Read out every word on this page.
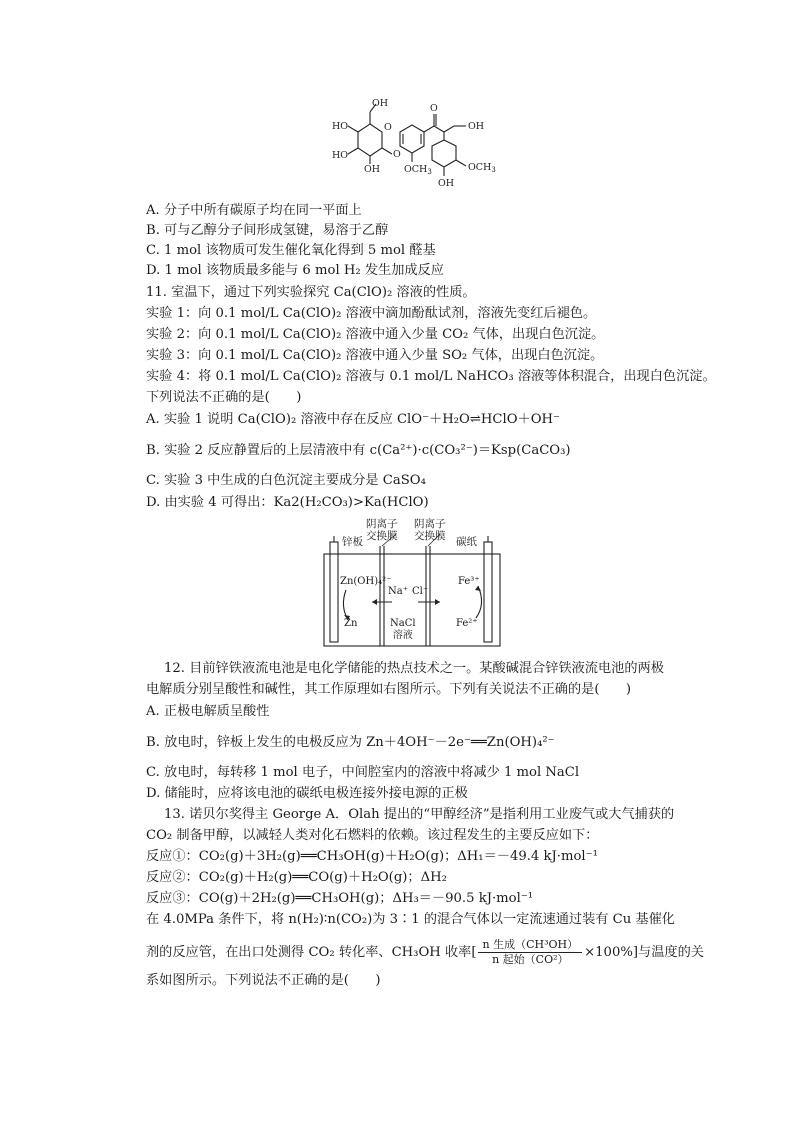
OH
O
HO
HO
OH
O
$OCH_3$
O
OH
$OCH_3$
OH
A. 分子中所有碳原子均在同一平面上
B. 可与乙醇分子间形成氢键，易溶于乙醇
C. 1 mol 该物质可发生催化氧化得到 5 mol 醛基
D. 1 mol 该物质最多能与 6 mol H₂ 发生加成反应
11. 室温下，通过下列实验探究 Ca(ClO)₂ 溶液的性质。
实验 1：向 0.1 mol/L Ca(ClO)₂ 溶液中滴加酚酞试剂，溶液先变红后褪色。
实验 2：向 0.1 mol/L Ca(ClO)₂ 溶液中通入少量 CO₂ 气体，出现白色沉淀。
实验 3：向 0.1 mol/L Ca(ClO)₂ 溶液中通入少量 SO₂ 气体，出现白色沉淀。
实验 4：将 0.1 mol/L Ca(ClO)₂ 溶液与 0.1 mol/L NaHCO₃ 溶液等体积混合，出现白色沉淀。
下列说法不正确的是(　　)
A. 实验 1 说明 Ca(ClO)₂ 溶液中存在反应 ClO⁻＋H₂O⇌HClO＋OH⁻
B. 实验 2 反应静置后的上层清液中有 c(Ca²⁺)·c(CO₃²⁻)＝Ksp(CaCO₃)
C. 实验 3 中生成的白色沉淀主要成分是 CaSO₄
D. 由实验 4 可得出：Ka2(H₂CO₃)>Ka(HClO)
阴离子
交换膜
阴离子
交换膜
锌板	碳纸
Zn(OH)₄²⁻
Zn
Na⁺ Cl⁻
NaCl
溶液
Fe³⁺
Fe²⁺
12. 目前锌铁液流电池是电化学储能的热点技术之一。某酸碱混合锌铁液流电池的两极
电解质分别呈酸性和碱性，其工作原理如右图所示。下列有关说法不正确的是(　　)
A. 正极电解质呈酸性
B. 放电时，锌板上发生的电极反应为 Zn＋4OH⁻－2e⁻══Zn(OH)₄²⁻
C. 放电时，每转移 1 mol 电子，中间腔室内的溶液中将减少 1 mol NaCl
D. 储能时，应将该电池的碳纸电极连接外接电源的正极
13. 诺贝尔奖得主 George A．Olah 提出的“甲醇经济”是指利用工业废气或大气捕获的
CO₂ 制备甲醇，以减轻人类对化石燃料的依赖。该过程发生的主要反应如下：
反应①：CO₂(g)＋3H₂(g)══CH₃OH(g)＋H₂O(g)；ΔH₁＝－49.4 kJ·mol⁻¹
反应②：CO₂(g)＋H₂(g)══CO(g)＋H₂O(g)；ΔH₂
反应③：CO(g)＋2H₂(g)══CH₃OH(g)；ΔH₃＝－90.5 kJ·mol⁻¹
在 4.0MPa 条件下，将 n(H₂)∶n(CO₂)为 3∶1 的混合气体以一定流速通过装有 Cu 基催化
剂的反应管，在出口处测得 CO₂ 转化率、CH₃OH 收率[ $\frac{\text{n 生成（CH³OH）}}{\text{n 起始（CO²）}} \times 100\%$]与温度的关
系如图所示。下列说法不正确的是(　　)
